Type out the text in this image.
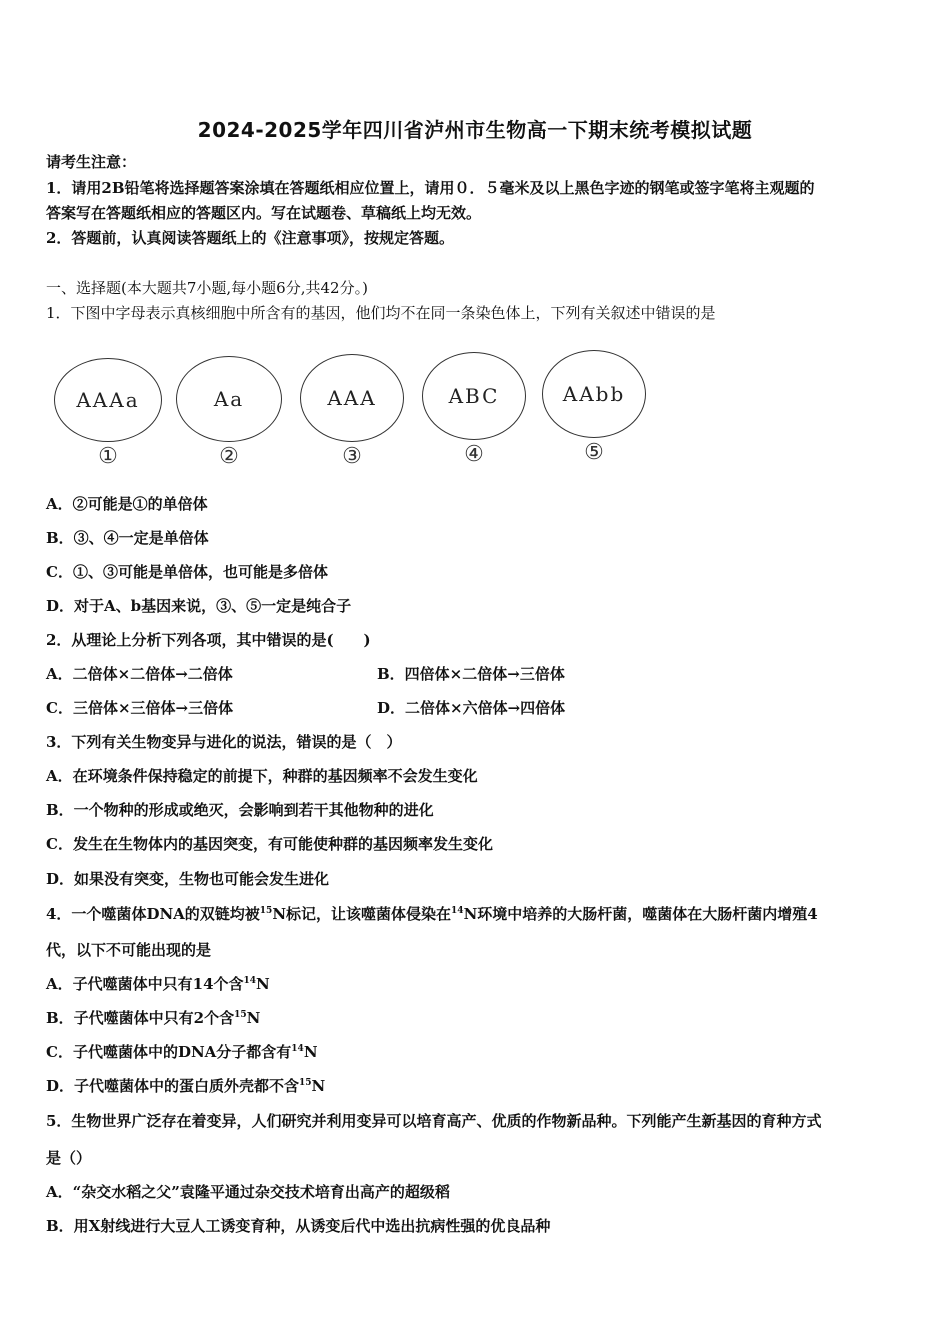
2024-2025学年四川省泸州市生物高一下期末统考模拟试题
请考生注意：
1．请用2B铅笔将选择题答案涂填在答题纸相应位置上，请用０．５毫米及以上黑色字迹的钢笔或签字笔将主观题的
答案写在答题纸相应的答题区内。写在试题卷、草稿纸上均无效。
2．答题前，认真阅读答题纸上的《注意事项》，按规定答题。
一、选择题(本大题共7小题,每小题6分,共42分。)
1．下图中字母表示真核细胞中所含有的基因，他们均不在同一条染色体上，下列有关叙述中错误的是
AAAa
①
Aa
②
AAA
③
ABC
④
AAbb
⑤
A．②可能是①的单倍体
B．③、④一定是单倍体
C．①、③可能是单倍体，也可能是多倍体
D．对于A、b基因来说，③、⑤一定是纯合子
2．从理论上分析下列各项，其中错误的是(　　)
A．二倍体×二倍体→二倍体	B．四倍体×二倍体→三倍体
C．三倍体×三倍体→三倍体	D．二倍体×六倍体→四倍体
3．下列有关生物变异与进化的说法，错误的是（　）
A．在环境条件保持稳定的前提下，种群的基因频率不会发生变化
B．一个物种的形成或绝灭，会影响到若干其他物种的进化
C．发生在生物体内的基因突变，有可能使种群的基因频率发生变化
D．如果没有突变，生物也可能会发生进化
4．一个噬菌体DNA的双链均被$^{15}$N标记，让该噬菌体侵染在$^{14}$N环境中培养的大肠杆菌，噬菌体在大肠杆菌内增殖4
代，以下不可能出现的是
A．子代噬菌体中只有14个含$^{14}$N
B．子代噬菌体中只有2个含$^{15}$N
C．子代噬菌体中的DNA分子都含有$^{14}$N
D．子代噬菌体中的蛋白质外壳都不含$^{15}$N
5．生物世界广泛存在着变异，人们研究并利用变异可以培育高产、优质的作物新品种。下列能产生新基因的育种方式
是（）
A．“杂交水稻之父”袁隆平通过杂交技术培育出高产的超级稻
B．用X射线进行大豆人工诱变育种，从诱变后代中选出抗病性强的优良品种
